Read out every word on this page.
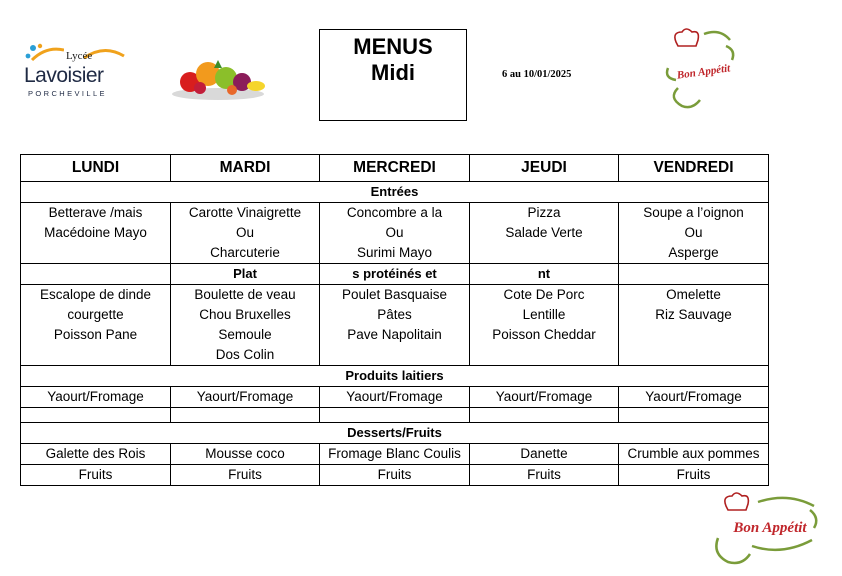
Lycée
Lavoisier
PORCHEVILLE
MENUS
Midi	6 au 10/01/2025	Bon Appétit
LUNDI	MARDI	MERCREDI	JEUDI	VENDREDI
Entrées				
Betterave /mais	Carotte Vinaigrette	Concombre a la	Pizza	Soupe a l’oignon
Macédoine Mayo	Ou	Ou	Salade Verte	Ou
	Charcuterie	Surimi Mayo		Asperge
	Plat	s protéinés et	nt	
Escalope de dinde	Boulette de veau	Poulet Basquaise	Cote De Porc	Omelette
courgette	Chou Bruxelles	Pâtes	Lentille	Riz Sauvage
Poisson Pane	Semoule	Pave Napolitain	Poisson Cheddar	
	Dos Colin			
Produits laitiers				
Yaourt/Fromage	Yaourt/Fromage	Yaourt/Fromage	Yaourt/Fromage	Yaourt/Fromage

Desserts/Fruits				
Galette des Rois	Mousse coco	Fromage Blanc Coulis	Danette	Crumble aux pommes
Fruits	Fruits	Fruits	Fruits	Fruits
Bon Appétit
